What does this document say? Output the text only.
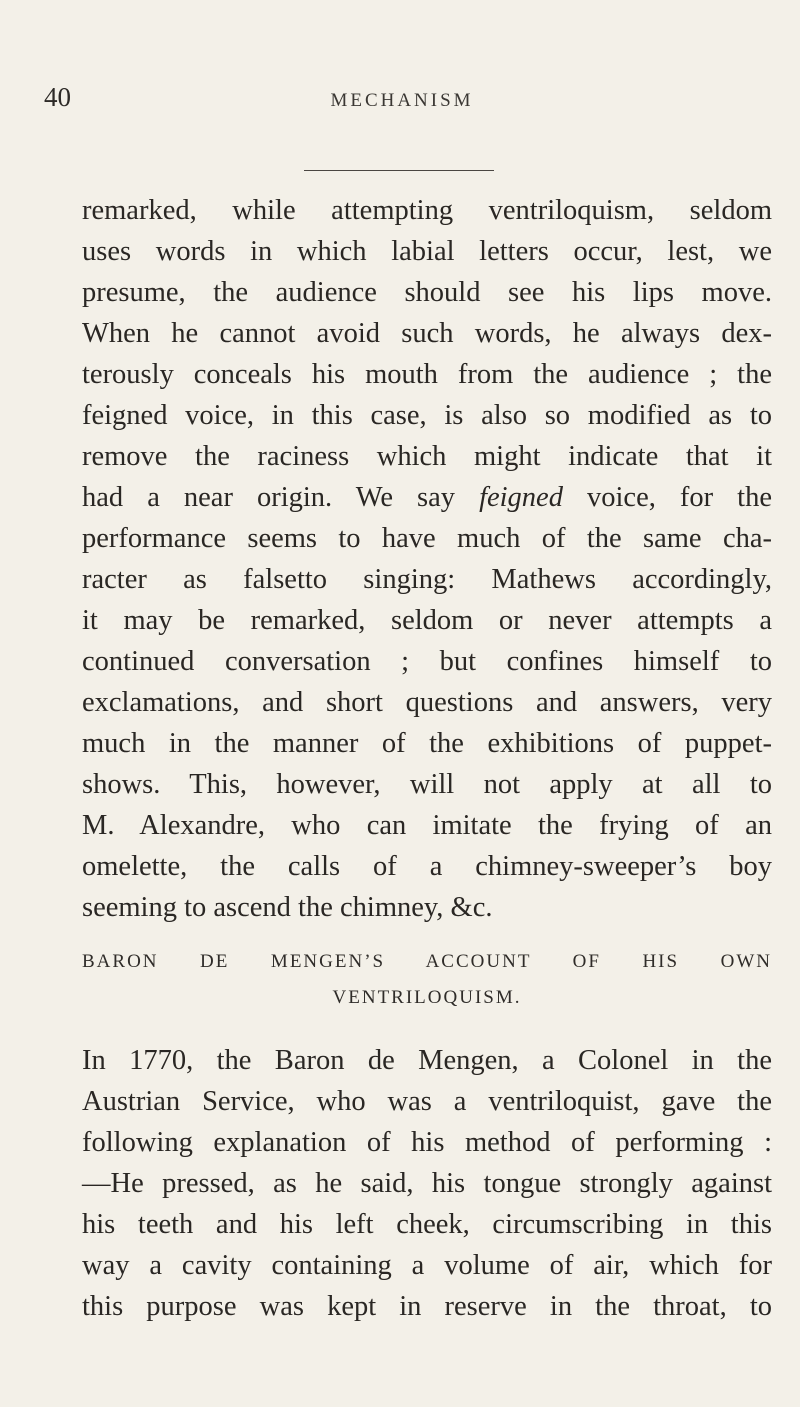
40	MECHANISM
remarked, while attempting ventriloquism, seldom
uses words in which labial letters occur, lest, we
presume, the audience should see his lips move.
When he cannot avoid such words, he always dex-
terously conceals his mouth from the audience ; the
feigned voice, in this case, is also so modified as to
remove the raciness which might indicate that it
had a near origin. We say feigned voice, for the
performance seems to have much of the same cha-
racter as falsetto singing: Mathews accordingly,
it may be remarked, seldom or never attempts a
continued conversation ; but confines himself to
exclamations, and short questions and answers, very
much in the manner of the exhibitions of puppet-
shows. This, however, will not apply at all to
M. Alexandre, who can imitate the frying of an
omelette, the calls of a chimney-sweeper’s boy
seeming to ascend the chimney, &c.
BARON DE MENGEN’S ACCOUNT OF HIS OWN
VENTRILOQUISM.
In 1770, the Baron de Mengen, a Colonel in the
Austrian Service, who was a ventriloquist, gave the
following explanation of his method of performing :
—He pressed, as he said, his tongue strongly against
his teeth and his left cheek, circumscribing in this
way a cavity containing a volume of air, which for
this purpose was kept in reserve in the throat, to
